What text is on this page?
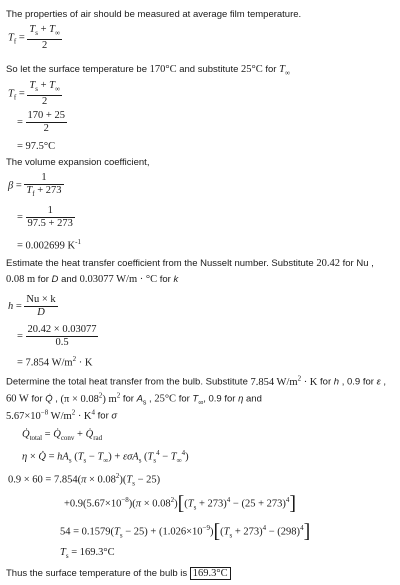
The properties of air should be measured at average film temperature.
$T_f = \frac{T_s + T_\infty}{2}$
So let the surface temperature be 170°C and substitute 25°C for $T_\infty$
$T_f = \frac{T_s + T_\infty}{2}$
= $\frac{170 + 25}{2}$
= 97.5°C
The volume expansion coefficient,
$\beta = \frac{1}{T_f + 273}$
= $\frac{1}{97.5 + 273}$
= 0.002699 $K^{-1}$
Estimate the heat transfer coefficient from the Nusselt number. Substitute 20.42 for Nu ,
0.08 m for D and 0.03077 W/m · °C for k
$h = \frac{Nu \times k}{D}$
= $\frac{20.42 \times 0.03077}{0.5}$
= 7.854 $W/m^2 \cdot K$
Determine the total heat transfer from the bulb. Substitute 7.854 $W/m^2 \cdot K$ for h , 0.9 for ε ,
60 W for Q̇ , $(\pi \times 0.08^2)$ $m^2$ for $A_s$ , 25°C for $T_\infty$, 0.9 for η and
$5.67\times 10^{-8}$ $W/m^2 \cdot K^4$ for σ
$Q̇_{total}$ = $Q̇_{conv}$ + $Q̇_{rad}$
η × Q̇ = $hA_s$ $(T_s - T_\infty) + \varepsilon\sigma A_s$ $(T_s^4 - T_\infty^4)$
$0.9 \times 60 = 7.854(\pi \times 0.08^2)(T_s - 25)$
$+0.9(5.67\times 10^{-8})(\pi \times 0.08^2)[(T_s + 273)^4 - (25 + 273)^4]$
$54 = 0.1579(T_s - 25) + (1.026\times 10^{-9})[(T_s + 273)^4 - (298)^4]$
$T_s = 169.3^\circ C$
Thus the surface temperature of the bulb is 169.3°C
